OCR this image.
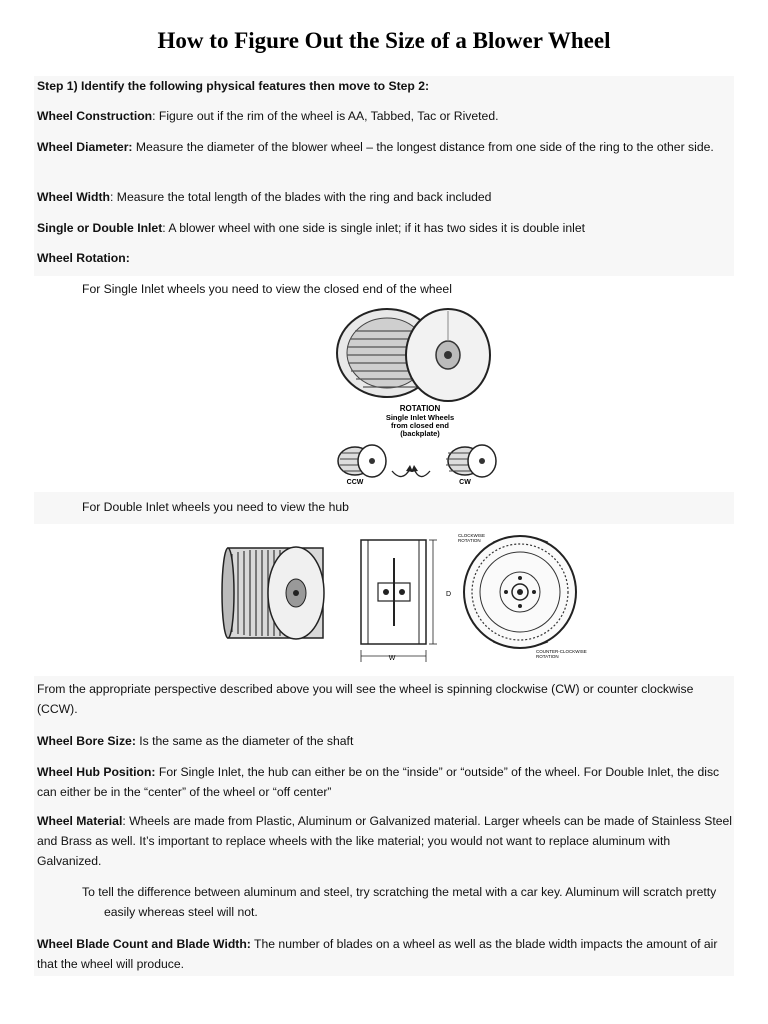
How to Figure Out the Size of a Blower Wheel
Step 1) Identify the following physical features then move to Step 2:
Wheel Construction: Figure out if the rim of the wheel is AA, Tabbed, Tac or Riveted.
Wheel Diameter: Measure the diameter of the blower wheel – the longest distance from one side of the ring to the other side.
Wheel Width: Measure the total length of the blades with the ring and back included
Single or Double Inlet: A blower wheel with one side is single inlet; if it has two sides it is double inlet
Wheel Rotation:
For Single Inlet wheels you need to view the closed end of the wheel
ROTATION
Single Inlet Wheels
from closed end
(backplate)
CCW	CW
For Double Inlet wheels you need to view the hub
D
W
CLOCKWISE
ROTATION
COUNTER-CLOCKWISE
ROTATION
From the appropriate perspective described above you will see the wheel is spinning clockwise (CW) or counter clockwise (CCW).
Wheel Bore Size: Is the same as the diameter of the shaft
Wheel Hub Position: For Single Inlet, the hub can either be on the “inside” or “outside” of the wheel. For Double Inlet, the disc can either be in the “center” of the wheel or “off center”
Wheel Material: Wheels are made from Plastic, Aluminum or Galvanized material. Larger wheels can be made of Stainless Steel and Brass as well. It’s important to replace wheels with the like material; you would not want to replace aluminum with Galvanized.
To tell the difference between aluminum and steel, try scratching the metal with a car key. Aluminum will scratch pretty easily whereas steel will not.
Wheel Blade Count and Blade Width: The number of blades on a wheel as well as the blade width impacts the amount of air that the wheel will produce.
